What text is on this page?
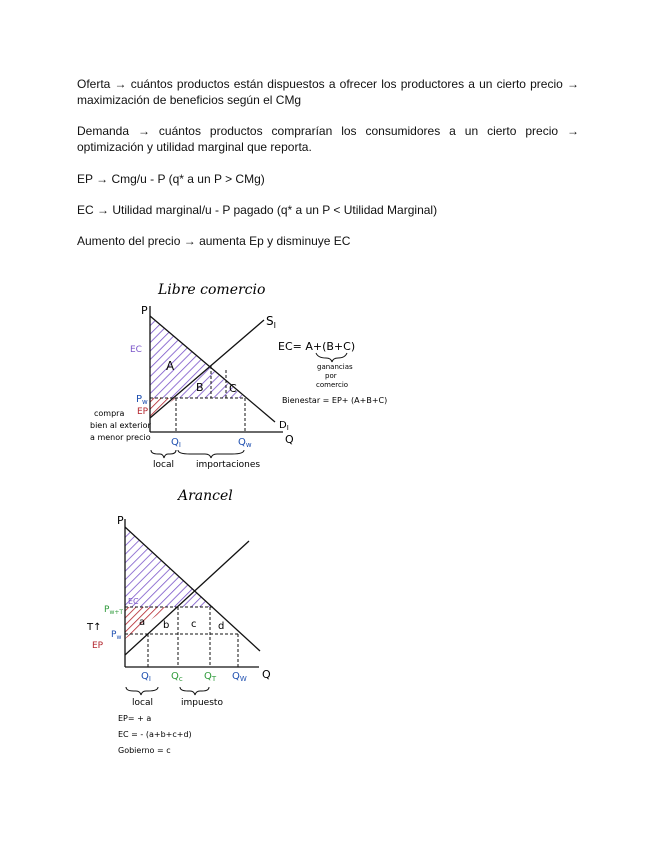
Oferta → cuántos productos están dispuestos a ofrecer los productores a un cierto precio → maximización de beneficios según el CMg

Demanda → cuántos productos comprarían los consumidores a un cierto precio → optimización y utilidad marginal que reporta.

EP → Cmg/u - P (q* a un P > CMg)

EC → Utilidad marginal/u - P pagado (q* a un P < Utilidad Marginal)

Aumento del precio → aumenta Ep y disminuye EC

Libre comercio
P
Q
$S_I$
$D_I$
A
B C
EC
$P_w$
EP
compra
bien al exterior
a menor precio $Q_I$	$Q_w$
local importaciones
EC= A+(B+C)
ganancias
por
comercio
Bienestar = EP+ (A+B+C)
Arancel
P
Q
a b c d
EC
$P_{w+T}$
T↑
$P_w$
EP
$Q_I$ $Q_c$ $Q_T$ $Q_W$
local	impuesto
EP= + a
EC = - (a+b+c+d)
Gobierno = c
